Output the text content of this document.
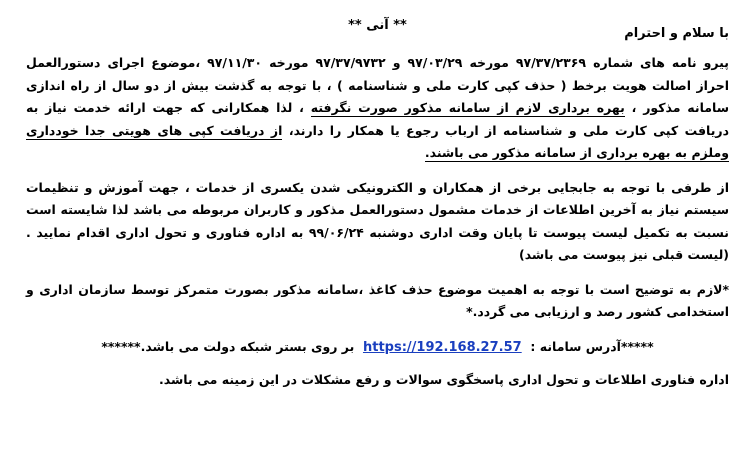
با سلام و احترام
** آنی **

پیرو نامه های شماره ۹۷/۳۷/۲۳۶۹ مورخه ۹۷/۰۳/۲۹ و ۹۷/۳۷/۹۷۳۲ مورخه ۹۷/۱۱/۳۰ ،موضوع اجرای دستورالعمل احراز اصالت هویت برخط ( حذف کپی کارت ملی و شناسنامه ) ، با توجه به گذشت بیش از دو سال از راه اندازی سامانه مذکور ، بهره برداری لازم از سامانه مذکور صورت نگرفته ، لذا همکارانی که جهت ارائه خدمت نیاز به دریافت کپی کارت ملی و شناسنامه از ارباب رجوع یا همکار را دارند، از دریافت کپی های هویتی جدا خودداری وملزم به بهره برداری از سامانه مذکور می باشند.

از طرفی با توجه به جابجایی برخی از همکاران و الکترونیکی شدن یکسری از خدمات ، جهت آموزش و تنظیمات سیستم نیاز به آخرین اطلاعات از خدمات مشمول دستورالعمل مذکور و کاربران مربوطه می باشد لذا شایسته است نسبت به تکمیل لیست پیوست تا پایان وقت اداری دوشنبه ۹۹/۰۶/۲۴ به اداره فناوری و تحول اداری اقدام نمایید . (لیست قبلی نیز پیوست می باشد)

*لازم به توضیح است با توجه به اهمیت موضوع حذف کاغذ ،سامانه مذکور بصورت متمرکز توسط سازمان اداری و استخدامی کشور رصد و ارزیابی می گردد.*

*****آدرس سامانه :  https://192.168.27.57  بر روی بستر شبکه دولت می باشد.******

اداره فناوری اطلاعات و تحول اداری پاسخگوی سوالات و رفع مشکلات در این زمینه می باشد.
